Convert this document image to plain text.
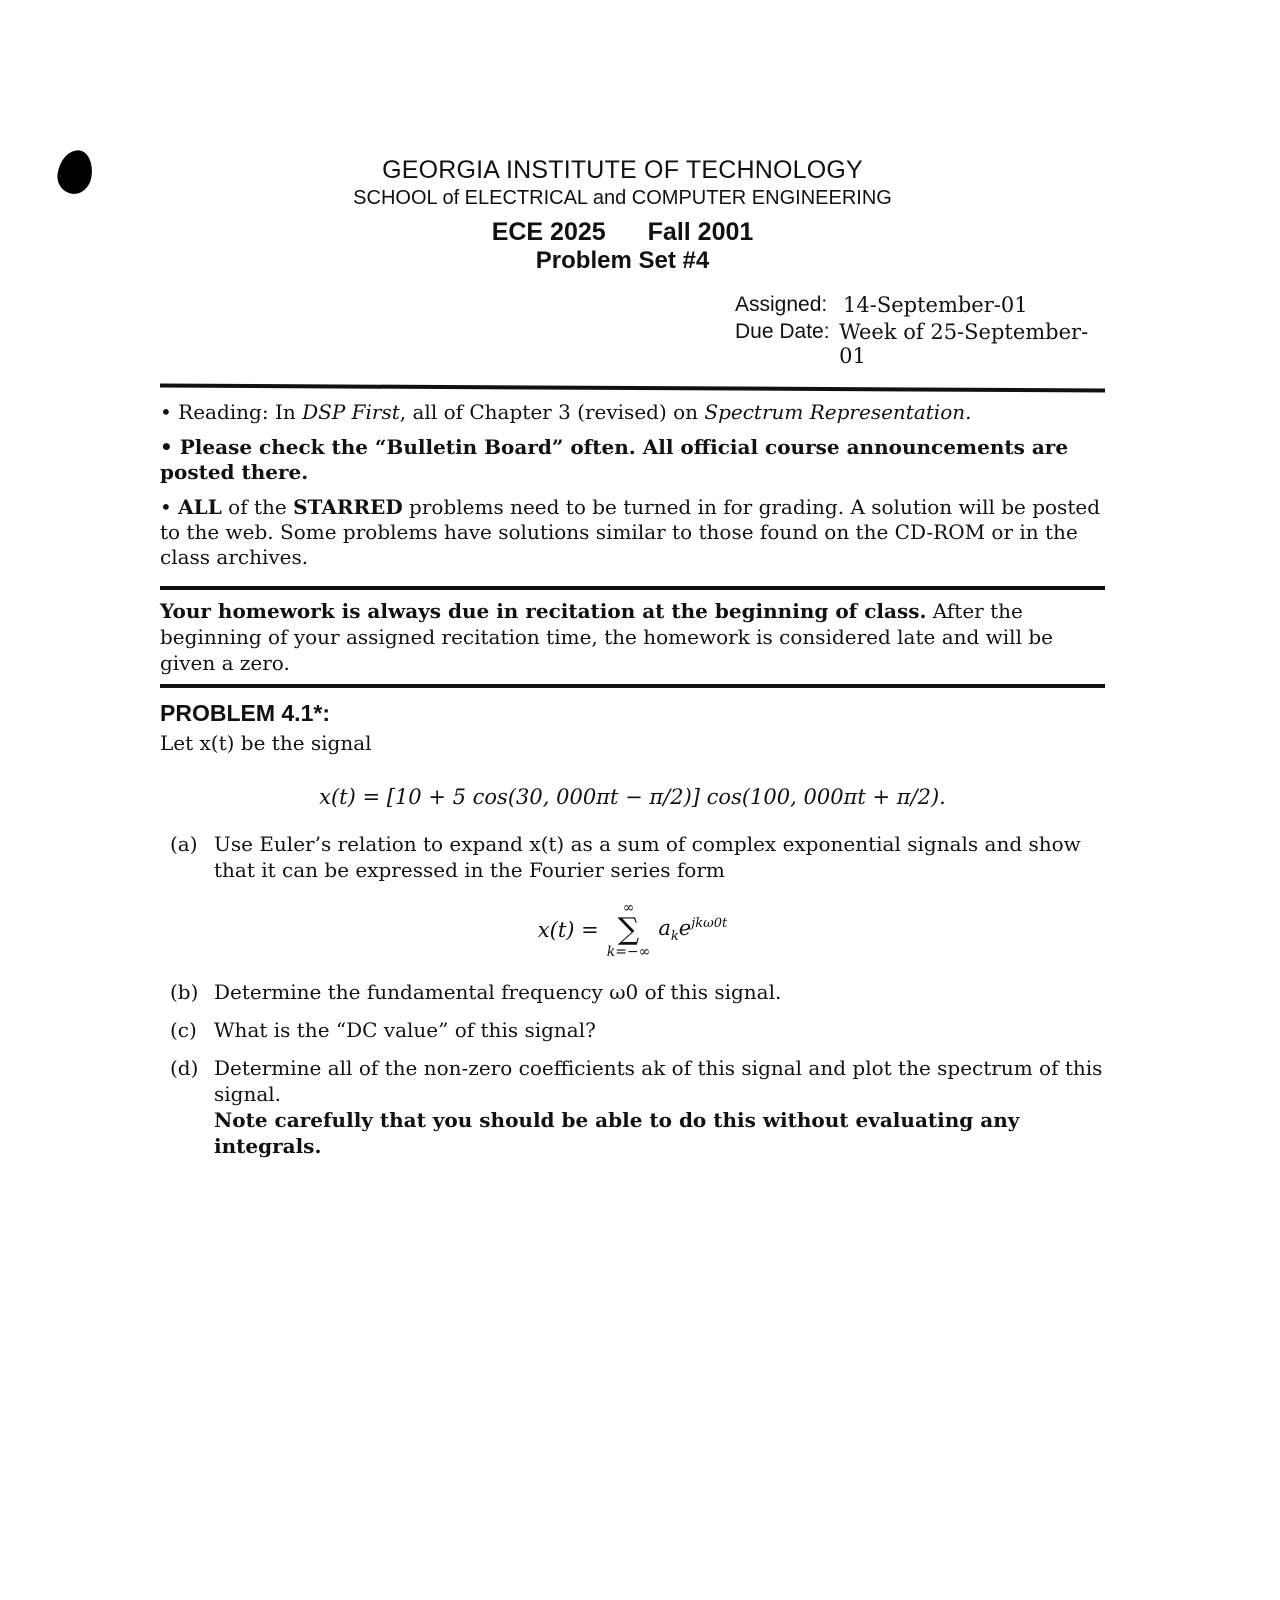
GEORGIA INSTITUTE OF TECHNOLOGY
SCHOOL of ELECTRICAL and COMPUTER ENGINEERING
ECE 2025 Fall 2001
Problem Set #4
Assigned: 14-September-01
Due Date: Week of 25-September-01
• Reading: In DSP First, all of Chapter 3 (revised) on Spectrum Representation.
• Please check the “Bulletin Board” often. All official course announcements are posted there.
• ALL of the STARRED problems need to be turned in for grading. A solution will be posted to the web. Some problems have solutions similar to those found on the CD-ROM or in the class archives.
Your homework is always due in recitation at the beginning of class. After the beginning of your assigned recitation time, the homework is considered late and will be given a zero.
PROBLEM 4.1*:
Let x(t) be the signal
x(t) = [10 + 5 cos(30, 000πt − π/2)] cos(100, 000πt + π/2).
(a) Use Euler’s relation to expand x(t) as a sum of complex exponential signals and show that it can be expressed in the Fourier series form
x(t) =
∞
∑
k=−∞
$a_ke^{jk\omega 0t}$
(b) Determine the fundamental frequency ω0 of this signal.
(c) What is the “DC value” of this signal?
(d) Determine all of the non-zero coefficients ak of this signal and plot the spectrum of this signal.
Note carefully that you should be able to do this without evaluating any integrals.
